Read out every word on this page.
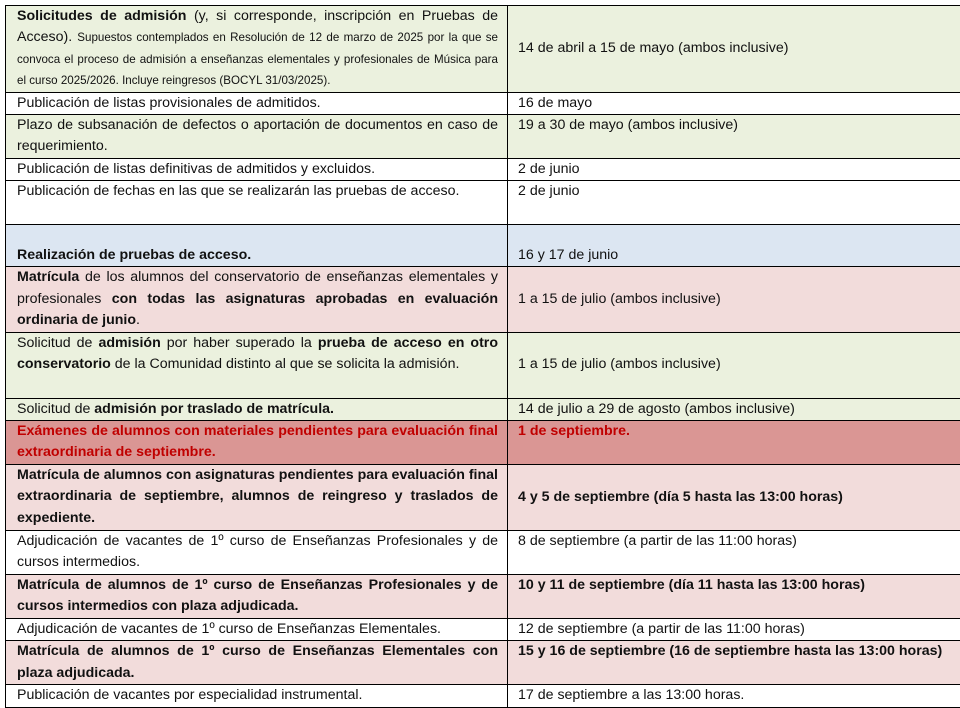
Solicitudes de admisión (y, si corresponde, inscripción en Pruebas de Acceso). Supuestos contemplados en Resolución de 12 de marzo de 2025 por la que se convoca el proceso de admisión a enseñanzas elementales y profesionales de Música para el curso 2025/2026. Incluye reingresos (BOCYL 31/03/2025).	14 de abril a 15 de mayo (ambos inclusive)
Publicación de listas provisionales de admitidos.	16 de mayo
Plazo de subsanación de defectos o aportación de documentos en caso de requerimiento.	19 a 30 de mayo (ambos inclusive)
Publicación de listas definitivas de admitidos y excluidos.	2 de junio
Publicación de fechas en las que se realizarán las pruebas de acceso.	2 de junio
Realización de pruebas de acceso.	16 y 17 de junio
Matrícula de los alumnos del conservatorio de enseñanzas elementales y profesionales con todas las asignaturas aprobadas en evaluación ordinaria de junio.	1 a 15 de julio (ambos inclusive)
Solicitud de admisión por haber superado la prueba de acceso en otro conservatorio de la Comunidad distinto al que se solicita la admisión.	1 a 15 de julio (ambos inclusive)
Solicitud de admisión por traslado de matrícula.	14 de julio a 29 de agosto (ambos inclusive)
Exámenes de alumnos con materiales pendientes para evaluación final extraordinaria de septiembre.	1 de septiembre.
Matrícula de alumnos con asignaturas pendientes para evaluación final extraordinaria de septiembre, alumnos de reingreso y traslados de expediente.	4 y 5 de septiembre (día 5 hasta las 13:00 horas)
Adjudicación de vacantes de 1º curso de Enseñanzas Profesionales y de cursos intermedios.	8 de septiembre (a partir de las 11:00 horas)
Matrícula de alumnos de 1º curso de Enseñanzas Profesionales y de cursos intermedios con plaza adjudicada.	10 y 11 de septiembre (día 11 hasta las 13:00 horas)
Adjudicación de vacantes de 1º curso de Enseñanzas Elementales.	12 de septiembre (a partir de las 11:00 horas)
Matrícula de alumnos de 1º curso de Enseñanzas Elementales con plaza adjudicada.	15 y 16 de septiembre (16 de septiembre hasta las 13:00 horas)
Publicación de vacantes por especialidad instrumental.	17 de septiembre a las 13:00 horas.
